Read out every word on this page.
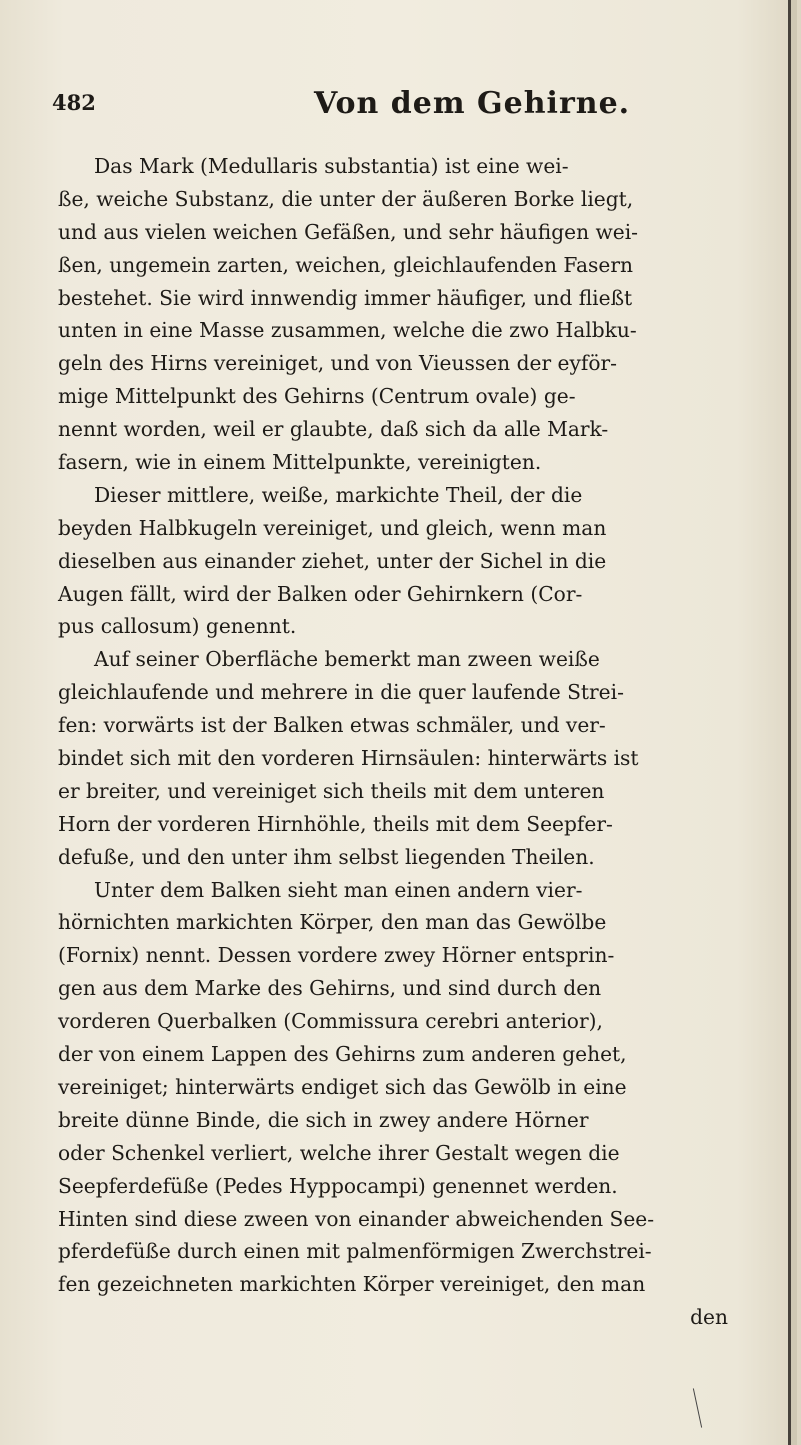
482	Von dem Gehirne.
Das Mark (Medullaris substantia) ist eine wei-
ße, weiche Substanz, die unter der äußeren Borke liegt,
und aus vielen weichen Gefäßen, und sehr häufigen wei-
ßen, ungemein zarten, weichen, gleichlaufenden Fasern
bestehet. Sie wird innwendig immer häufiger, und fließt
unten in eine Masse zusammen, welche die zwo Halbku-
geln des Hirns vereiniget, und von Vieussen der eyför-
mige Mittelpunkt des Gehirns (Centrum ovale) ge-
nennt worden, weil er glaubte, daß sich da alle Mark-
fasern, wie in einem Mittelpunkte, vereinigten.
Dieser mittlere, weiße, markichte Theil, der die
beyden Halbkugeln vereiniget, und gleich, wenn man
dieselben aus einander ziehet, unter der Sichel in die
Augen fällt, wird der Balken oder Gehirnkern (Cor-
pus callosum) genennt.
Auf seiner Oberfläche bemerkt man zween weiße
gleichlaufende und mehrere in die quer laufende Strei-
fen: vorwärts ist der Balken etwas schmäler, und ver-
bindet sich mit den vorderen Hirnsäulen: hinterwärts ist
er breiter, und vereiniget sich theils mit dem unteren
Horn der vorderen Hirnhöhle, theils mit dem Seepfer-
defuße, und den unter ihm selbst liegenden Theilen.
Unter dem Balken sieht man einen andern vier-
hörnichten markichten Körper, den man das Gewölbe
(Fornix) nennt. Dessen vordere zwey Hörner entsprin-
gen aus dem Marke des Gehirns, und sind durch den
vorderen Querbalken (Commissura cerebri anterior),
der von einem Lappen des Gehirns zum anderen gehet,
vereiniget; hinterwärts endiget sich das Gewölb in eine
breite dünne Binde, die sich in zwey andere Hörner
oder Schenkel verliert, welche ihrer Gestalt wegen die
Seepferdefüße (Pedes Hyppocampi) genennet werden.
Hinten sind diese zween von einander abweichenden See-
pferdefüße durch einen mit palmenförmigen Zwerchstrei-
fen gezeichneten markichten Körper vereiniget, den man
den
